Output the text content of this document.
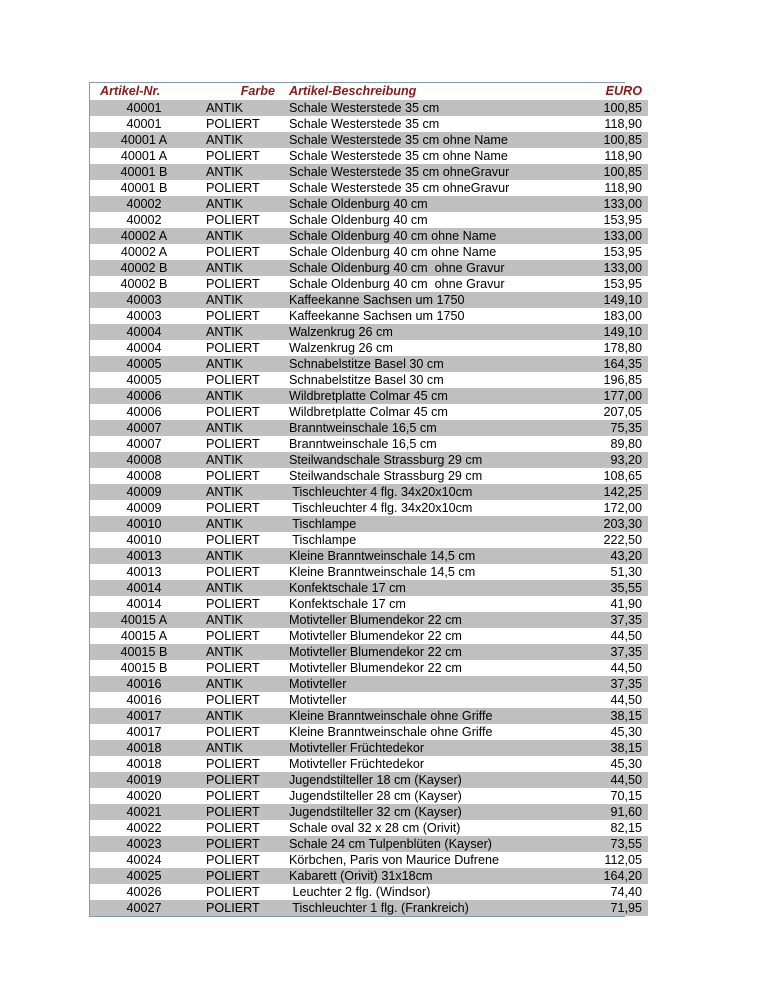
Artikel-Nr.	Farbe	Artikel-Beschreibung	EURO
40001	ANTIK	Schale Westerstede 35 cm	100,85
40001	POLIERT	Schale Westerstede 35 cm	118,90
40001 A	ANTIK	Schale Westerstede 35 cm ohne Name	100,85
40001 A	POLIERT	Schale Westerstede 35 cm ohne Name	118,90
40001 B	ANTIK	Schale Westerstede 35 cm ohneGravur	100,85
40001 B	POLIERT	Schale Westerstede 35 cm ohneGravur	118,90
40002	ANTIK	Schale Oldenburg 40 cm	133,00
40002	POLIERT	Schale Oldenburg 40 cm	153,95
40002 A	ANTIK	Schale Oldenburg 40 cm ohne Name	133,00
40002 A	POLIERT	Schale Oldenburg 40 cm ohne Name	153,95
40002 B	ANTIK	Schale Oldenburg 40 cm  ohne Gravur	133,00
40002 B	POLIERT	Schale Oldenburg 40 cm  ohne Gravur	153,95
40003	ANTIK	Kaffeekanne Sachsen um 1750	149,10
40003	POLIERT	Kaffeekanne Sachsen um 1750	183,00
40004	ANTIK	Walzenkrug 26 cm	149,10
40004	POLIERT	Walzenkrug 26 cm	178,80
40005	ANTIK	Schnabelstitze Basel 30 cm	164,35
40005	POLIERT	Schnabelstitze Basel 30 cm	196,85
40006	ANTIK	Wildbretplatte Colmar 45 cm	177,00
40006	POLIERT	Wildbretplatte Colmar 45 cm	207,05
40007	ANTIK	Branntweinschale 16,5 cm	75,35
40007	POLIERT	Branntweinschale 16,5 cm	89,80
40008	ANTIK	Steilwandschale Strassburg 29 cm	93,20
40008	POLIERT	Steilwandschale Strassburg 29 cm	108,65
40009	ANTIK	Tischleuchter 4 flg. 34x20x10cm	142,25
40009	POLIERT	Tischleuchter 4 flg. 34x20x10cm	172,00
40010	ANTIK	Tischlampe	203,30
40010	POLIERT	Tischlampe	222,50
40013	ANTIK	Kleine Branntweinschale 14,5 cm	43,20
40013	POLIERT	Kleine Branntweinschale 14,5 cm	51,30
40014	ANTIK	Konfektschale 17 cm	35,55
40014	POLIERT	Konfektschale 17 cm	41,90
40015 A	ANTIK	Motivteller Blumendekor 22 cm	37,35
40015 A	POLIERT	Motivteller Blumendekor 22 cm	44,50
40015 B	ANTIK	Motivteller Blumendekor 22 cm	37,35
40015 B	POLIERT	Motivteller Blumendekor 22 cm	44,50
40016	ANTIK	Motivteller	37,35
40016	POLIERT	Motivteller	44,50
40017	ANTIK	Kleine Branntweinschale ohne Griffe	38,15
40017	POLIERT	Kleine Branntweinschale ohne Griffe	45,30
40018	ANTIK	Motivteller Früchtedekor	38,15
40018	POLIERT	Motivteller Früchtedekor	45,30
40019	POLIERT	Jugendstilteller 18 cm (Kayser)	44,50
40020	POLIERT	Jugendstilteller 28 cm (Kayser)	70,15
40021	POLIERT	Jugendstilteller 32 cm (Kayser)	91,60
40022	POLIERT	Schale oval 32 x 28 cm (Orivit)	82,15
40023	POLIERT	Schale 24 cm Tulpenblüten (Kayser)	73,55
40024	POLIERT	Körbchen, Paris von Maurice Dufrene	112,05
40025	POLIERT	Kabarett (Orivit) 31x18cm	164,20
40026	POLIERT	Leuchter 2 flg. (Windsor)	74,40
40027	POLIERT	Tischleuchter 1 flg. (Frankreich)	71,95
